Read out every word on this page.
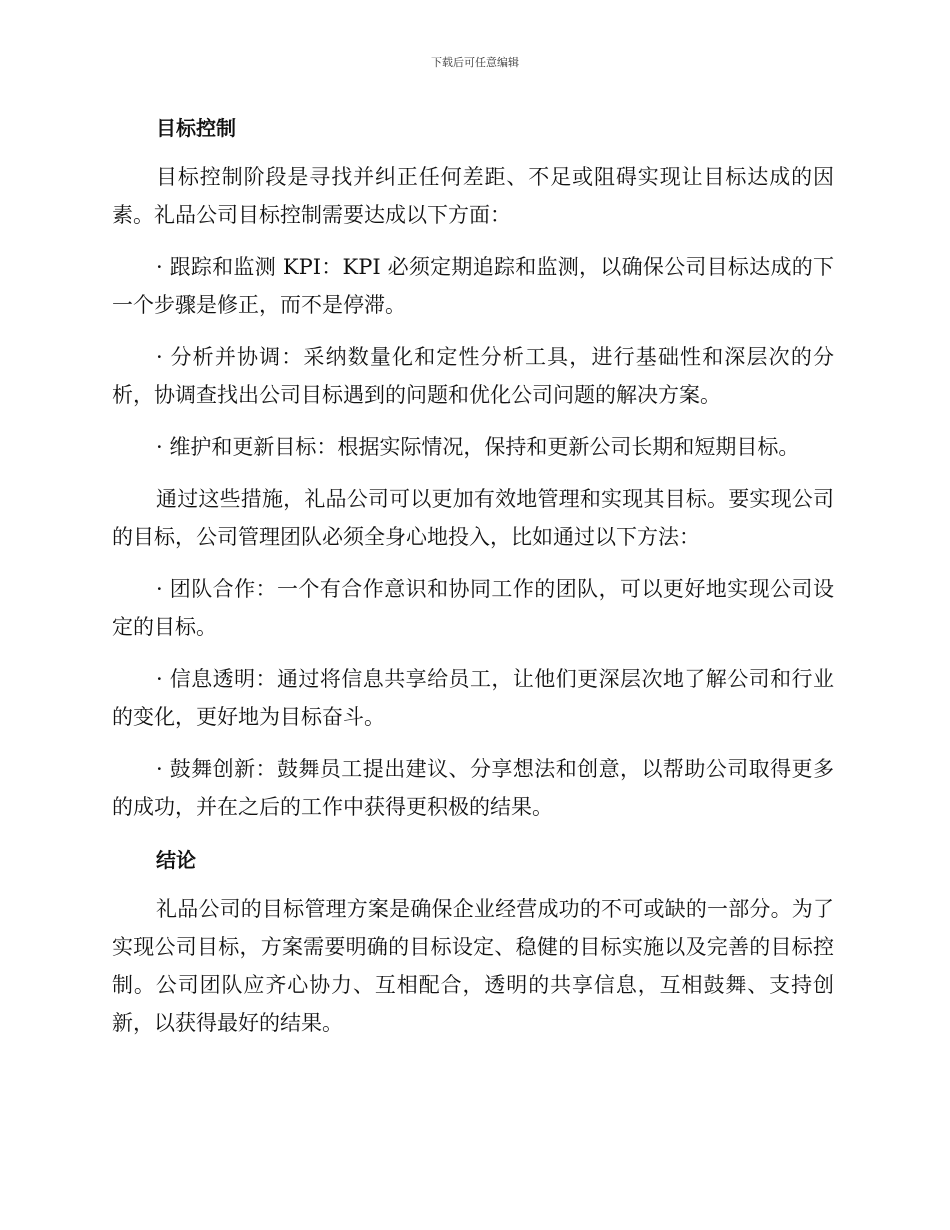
下载后可任意编辑
目标控制

目标控制阶段是寻找并纠正任何差距、不足或阻碍实现让目标达成的因素。礼品公司目标控制需要达成以下方面：

· 跟踪和监测 KPI：KPI 必须定期追踪和监测，以确保公司目标达成的下一个步骤是修正，而不是停滞。

· 分析并协调：采纳数量化和定性分析工具，进行基础性和深层次的分析，协调查找出公司目标遇到的问题和优化公司问题的解决方案。

· 维护和更新目标：根据实际情况，保持和更新公司长期和短期目标。

通过这些措施，礼品公司可以更加有效地管理和实现其目标。要实现公司的目标，公司管理团队必须全身心地投入，比如通过以下方法：

· 团队合作：一个有合作意识和协同工作的团队，可以更好地实现公司设定的目标。

· 信息透明：通过将信息共享给员工，让他们更深层次地了解公司和行业的变化，更好地为目标奋斗。

· 鼓舞创新：鼓舞员工提出建议、分享想法和创意，以帮助公司取得更多的成功，并在之后的工作中获得更积极的结果。

结论

礼品公司的目标管理方案是确保企业经营成功的不可或缺的一部分。为了实现公司目标，方案需要明确的目标设定、稳健的目标实施以及完善的目标控制。公司团队应齐心协力、互相配合，透明的共享信息，互相鼓舞、支持创新，以获得最好的结果。
